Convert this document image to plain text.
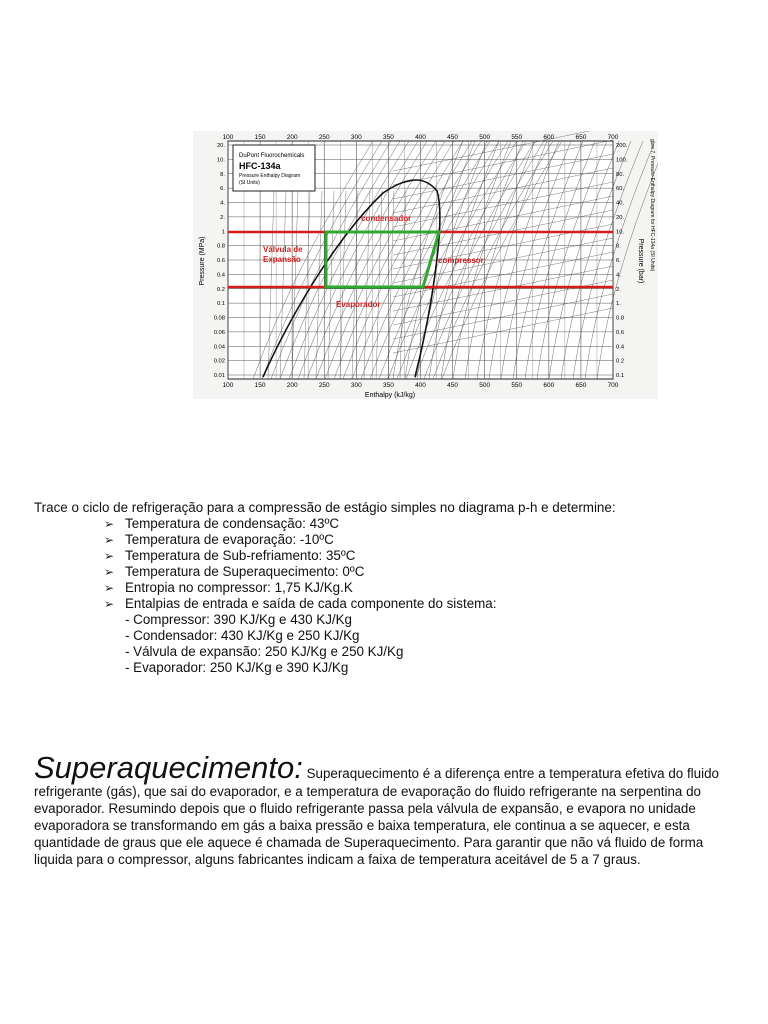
DuPont Fluorochemicals
HFC-134a
Pressure Enthalpy Diagram
(SI Units)
condensador
Válvula de
Expansão	compressor
Evaporador
100	150	200	250	300	350	400	450	500	550	600	650	700
100	150	200	250	300	350	400	450	500	550	600	650	700
20.
10.
8.
6.
4.
2.
1
0.8
0.6
0.4
0.2
0.1
0.08
0.06
0.04
0.02
0.01
200.
100.
80.
60.
40.
20.
10.
8.
6.
4.
2.
1.
0.8
0.6
0.4
0.2
0.1
Enthalpy (kJ/kg)
Pressure (MPa)	Pressure (bar) gure 7. Pressure-Enthalpy Diagram for HFC-134a (SI Units)

Trace o ciclo de refrigeração para a compressão de estágio simples no diagrama p-h e determine:

➢ Temperatura de condensação: 43ºC
➢ Temperatura de evaporação: -10ºC
➢ Temperatura de Sub-refriamento: 35ºC
➢ Temperatura de Superaquecimento: 0ºC
➢ Entropia no compressor: 1,75 KJ/Kg.K
➢ Entalpias de entrada e saída de cada componente do sistema:
- Compressor: 390 KJ/Kg e 430 KJ/Kg
- Condensador: 430 KJ/Kg e 250 KJ/Kg
- Válvula de expansão: 250 KJ/Kg e 250 KJ/Kg
- Evaporador: 250 KJ/Kg e 390 KJ/Kg

Superaquecimento: Superaquecimento é a diferença entre a temperatura efetiva do fluido refrigerante (gás), que sai do evaporador, e a temperatura de evaporação do fluido refrigerante na serpentina do evaporador. Resumindo depois que o fluido refrigerante passa pela válvula de expansão, e evapora no unidade evaporadora se transformando em gás a baixa pressão e baixa temperatura, ele continua a se aquecer, e esta quantidade de graus que ele aquece é chamada de Superaquecimento. Para garantir que não vá fluido de forma liquida para o compressor, alguns fabricantes indicam a faixa de temperatura aceitável de 5 a 7 graus.
